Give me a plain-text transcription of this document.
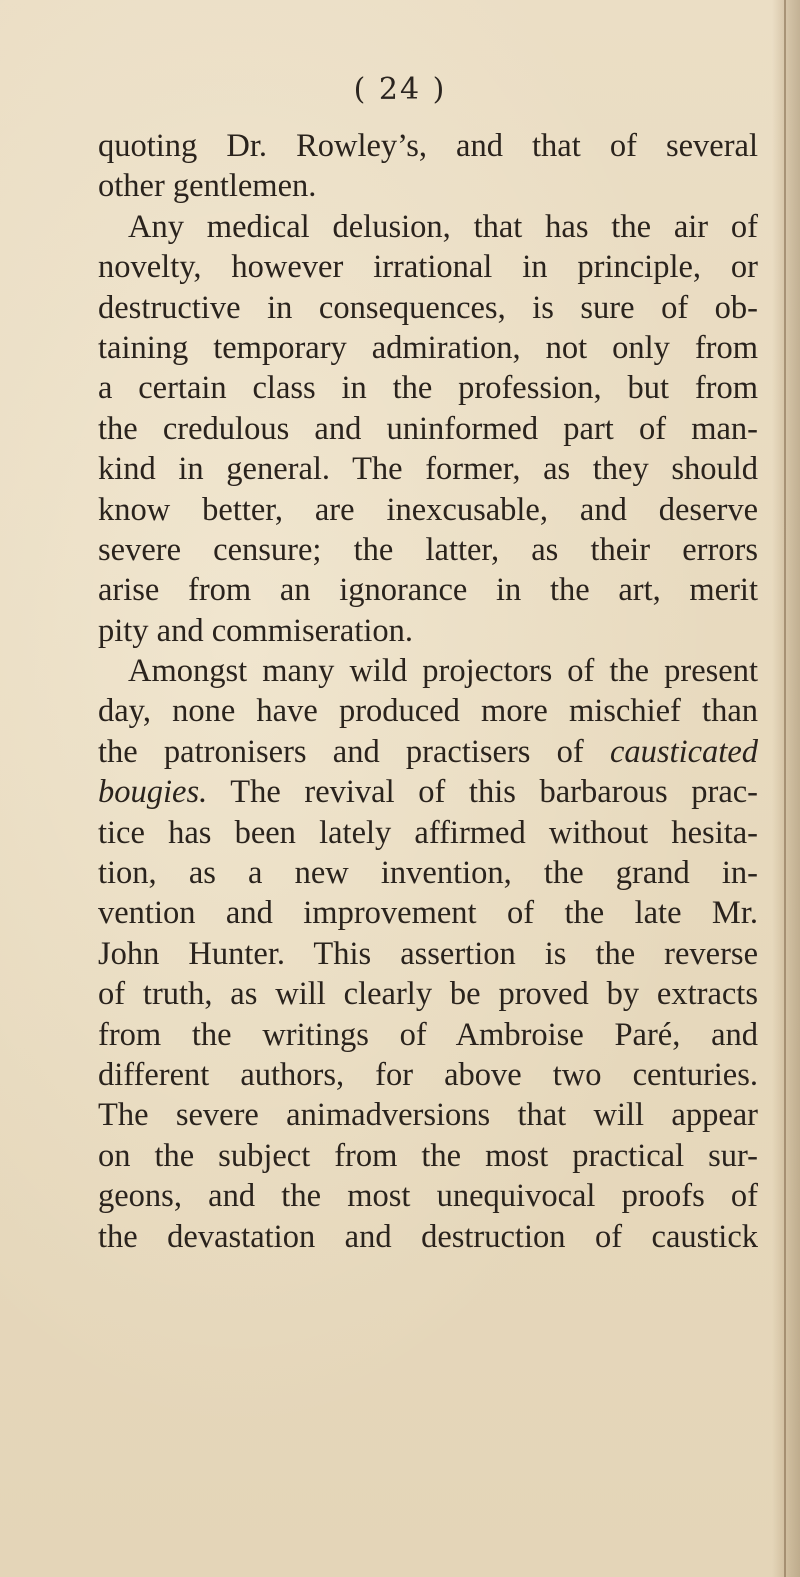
( 24 )
quoting Dr. Rowley’s, and that of several
other gentlemen.
Any medical delusion, that has the air of
novelty, however irrational in principle, or
destructive in consequences, is sure of ob-
taining temporary admiration, not only from
a certain class in the profession, but from
the credulous and uninformed part of man-
kind in general. The former, as they should
know better, are inexcusable, and deserve
severe censure; the latter, as their errors
arise from an ignorance in the art, merit
pity and commiseration.
Amongst many wild projectors of the present
day, none have produced more mischief than
the patronisers and practisers of causticated
bougies. The revival of this barbarous prac-
tice has been lately affirmed without hesita-
tion, as a new invention, the grand in-
vention and improvement of the late Mr.
John Hunter. This assertion is the reverse
of truth, as will clearly be proved by extracts
from the writings of Ambroise Paré, and
different authors, for above two centuries.
The severe animadversions that will appear
on the subject from the most practical sur-
geons, and the most unequivocal proofs of
the devastation and destruction of caustick
